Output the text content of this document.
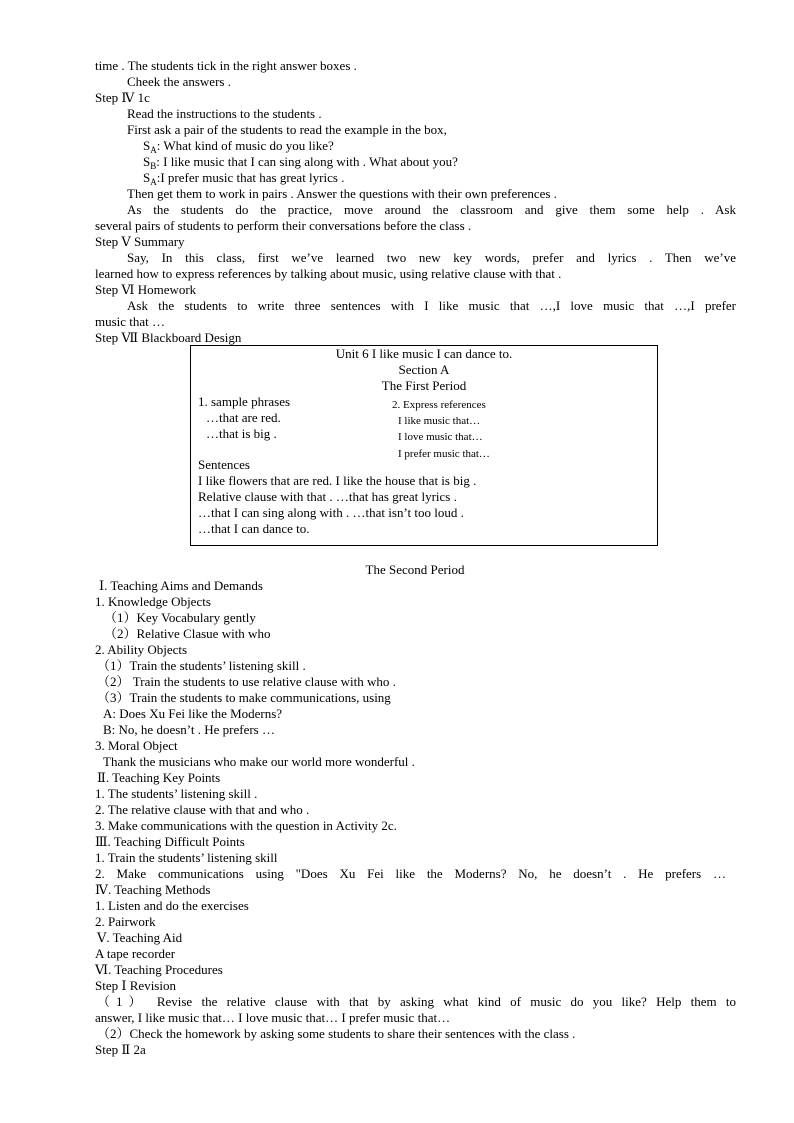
time . The students tick in the right answer boxes .
Cheek the answers .
Step Ⅳ 1c
Read the instructions to the students .
First ask a pair of the students to read the example in the box,
$S_A$: What kind of music do you like?
$S_B$: I like music that I can sing along with . What about you?
$S_A:I$ prefer music that has great lyrics .
Then get them to work in pairs . Answer the questions with their own preferences .
As the students do the practice, move around the classroom and give them some help . Ask
several pairs of students to perform their conversations before the class .
Step Ⅴ Summary
Say, In this class, first we’ve learned two new key words, prefer and lyrics . Then we’ve
learned how to express references by talking about music, using relative clause with that .
Step Ⅵ Homework
Ask the students to write three sentences with I like music that …,I love music that …,I prefer
music that …
Step Ⅶ Blackboard Design
Unit 6 I like music I can dance to.
Section A
The First Period
1. sample phrases
…that are red.
…that is big .
2. Express references
I like music that…
I love music that…
I prefer music that…
Sentences
I like flowers that are red. I like the house that is big .
Relative clause with that . …that has great lyrics .
…that I can sing along with . …that isn’t too loud .
…that I can dance to.
The Second Period
Ⅰ. Teaching Aims and Demands
1. Knowledge Objects
（1）Key Vocabulary gently
（2）Relative Clasue with who
2. Ability Objects
（1）Train the students’ listening skill .
（2） Train the students to use relative clause with who .
（3）Train the students to make communications, using
A: Does Xu Fei like the Moderns?
B: No, he doesn’t . He prefers …
3. Moral Object
Thank the musicians who make our world more wonderful .
Ⅱ. Teaching Key Points
1. The students’ listening skill .
2. The relative clause with that and who .
3. Make communications with the question in Activity 2c.
Ⅲ. Teaching Difficult Points
1. Train the students’ listening skill
2. Make communications using "Does Xu Fei like the Moderns? No, he doesn’t . He prefers …
Ⅳ. Teaching Methods
1. Listen and do the exercises
2. Pairwork
Ⅴ. Teaching Aid
A tape recorder
Ⅵ. Teaching Procedures
Step Ⅰ Revision
（1） Revise the relative clause with that by asking what kind of music do you like? Help them to
answer, I like music that… I love music that… I prefer music that…
（2）Check the homework by asking some students to share their sentences with the class .
Step Ⅱ 2a
